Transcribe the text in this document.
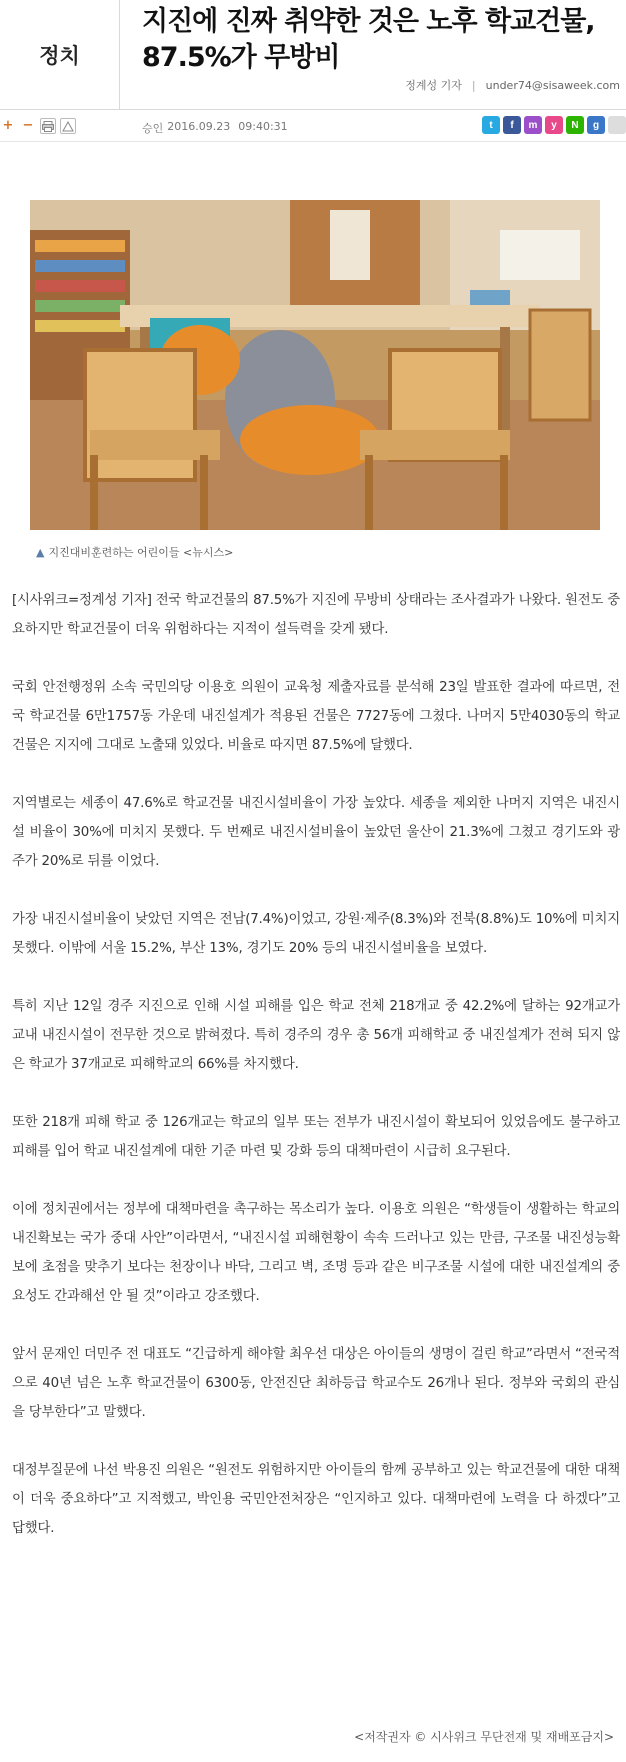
정치
지진에 진짜 취약한 것은 노후 학교건물, 87.5%가 무방비
정계성 기자 | under74@sisaweek.com
+ −	승인 2016.09.23 09:40:31	t	f	m	y	N	g
▲ 지진대비훈련하는 어린이들 <뉴시스>

[시사위크=정계성 기자] 전국 학교건물의 87.5%가 지진에 무방비 상태라는 조사결과가 나왔다. 원전도 중요하지만 학교건물이 더욱 위험하다는 지적이 설득력을 갖게 됐다.

국회 안전행정위 소속 국민의당 이용호 의원이 교육청 제출자료를 분석해 23일 발표한 결과에 따르면, 전국 학교건물 6만1757동 가운데 내진설계가 적용된 건물은 7727동에 그쳤다. 나머지 5만4030동의 학교건물은 지지에 그대로 노출돼 있었다. 비율로 따지면 87.5%에 달했다.

지역별로는 세종이 47.6%로 학교건물 내진시설비율이 가장 높았다. 세종을 제외한 나머지 지역은 내진시설 비율이 30%에 미치지 못했다. 두 번째로 내진시설비율이 높았던 울산이 21.3%에 그쳤고 경기도와 광주가 20%로 뒤를 이었다.

가장 내진시설비율이 낮았던 지역은 전남(7.4%)이었고, 강원·제주(8.3%)와 전북(8.8%)도 10%에 미치지 못했다. 이밖에 서울 15.2%, 부산 13%, 경기도 20% 등의 내진시설비율을 보였다.

특히 지난 12일 경주 지진으로 인해 시설 피해를 입은 학교 전체 218개교 중 42.2%에 달하는 92개교가 교내 내진시설이 전무한 것으로 밝혀졌다. 특히 경주의 경우 총 56개 피해학교 중 내진설계가 전혀 되지 않은 학교가 37개교로 피해학교의 66%를 차지했다.

또한 218개 피해 학교 중 126개교는 학교의 일부 또는 전부가 내진시설이 확보되어 있었음에도 불구하고 피해를 입어 학교 내진설계에 대한 기준 마련 및 강화 등의 대책마련이 시급히 요구된다.

이에 정치권에서는 정부에 대책마련을 촉구하는 목소리가 높다. 이용호 의원은 “학생들이 생활하는 학교의 내진확보는 국가 중대 사안”이라면서, “내진시설 피해현황이 속속 드러나고 있는 만큼, 구조물 내진성능확보에 초점을 맞추기 보다는 천장이나 바닥, 그리고 벽, 조명 등과 같은 비구조물 시설에 대한 내진설계의 중요성도 간과해선 안 될 것”이라고 강조했다.

앞서 문재인 더민주 전 대표도 “긴급하게 해야할 최우선 대상은 아이들의 생명이 걸린 학교”라면서 “전국적으로 40년 넘은 노후 학교건물이 6300동, 안전진단 최하등급 학교수도 26개나 된다. 정부와 국회의 관심을 당부한다”고 말했다.

대정부질문에 나선 박용진 의원은 “원전도 위험하지만 아이들의 함께 공부하고 있는 학교건물에 대한 대책이 더욱 중요하다”고 지적했고, 박인용 국민안전처장은 “인지하고 있다. 대책마련에 노력을 다 하겠다”고 답했다.

<저작권자 © 시사위크 무단전재 및 재배포금지>
